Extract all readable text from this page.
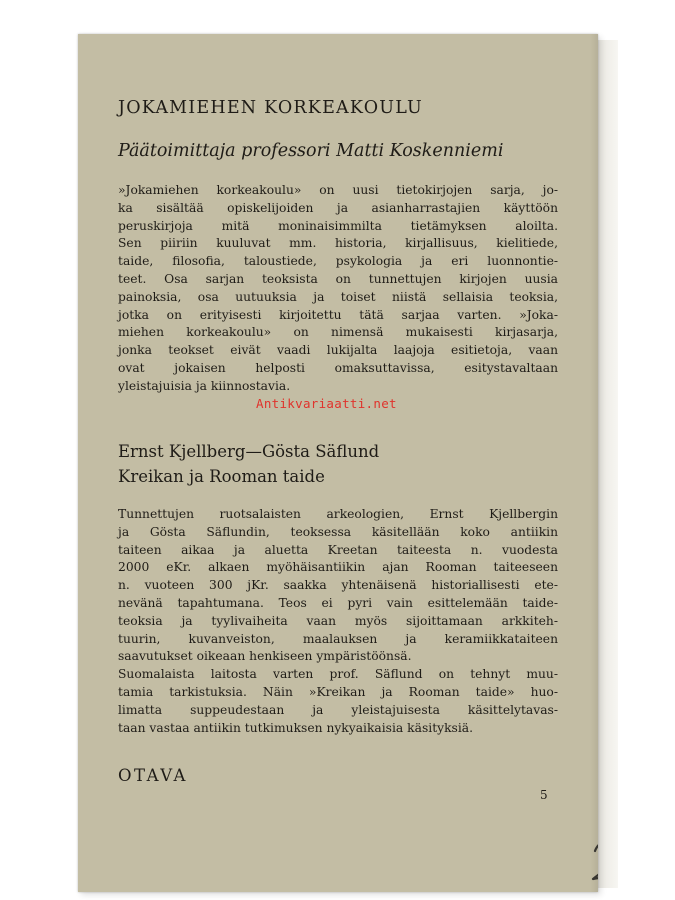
JOKAMIEHEN KORKEAKOULU
Päätoimittaja professori Matti Koskenniemi

»Jokamiehen korkeakoulu» on uusi tietokirjojen sarja, jo-
ka sisältää opiskelijoiden ja asianharrastajien käyttöön
peruskirjoja mitä moninaisimmilta tietämyksen aloilta.
Sen piiriin kuuluvat mm. historia, kirjallisuus, kielitiede,
taide, filosofia, taloustiede, psykologia ja eri luonnontie-
teet. Osa sarjan teoksista on tunnettujen kirjojen uusia
painoksia, osa uutuuksia ja toiset niistä sellaisia teoksia,
jotka on erityisesti kirjoitettu tätä sarjaa varten. »Joka-
miehen korkeakoulu» on nimensä mukaisesti kirjasarja,
jonka teokset eivät vaadi lukijalta laajoja esitietoja, vaan
ovat jokaisen helposti omaksuttavissa, esitystavaltaan
yleistajuisia ja kiinnostavia.

Ernst Kjellberg—Gösta Säflund
Kreikan ja Rooman taide

Tunnettujen ruotsalaisten arkeologien, Ernst Kjellbergin
ja Gösta Säflundin, teoksessa käsitellään koko antiikin
taiteen aikaa ja aluetta Kreetan taiteesta n. vuodesta
2000 eKr. alkaen myöhäisantiikin ajan Rooman taiteeseen
n. vuoteen 300 jKr. saakka yhtenäisenä historiallisesti ete-
nevänä tapahtumana. Teos ei pyri vain esittelemään taide-
teoksia ja tyylivaiheita vaan myös sijoittamaan arkkiteh-
tuurin, kuvanveiston, maalauksen ja keramiikkataiteen
saavutukset oikeaan henkiseen ympäristöönsä.
Suomalaista laitosta varten prof. Säflund on tehnyt muu-
tamia tarkistuksia. Näin »Kreikan ja Rooman taide» huo-
limatta suppeudestaan ja yleistajuisesta käsittelytavas-
taan vastaa antiikin tutkimuksen nykyaikaisia käsityksiä.

OTAVA
5
Antikvariaatti.net
